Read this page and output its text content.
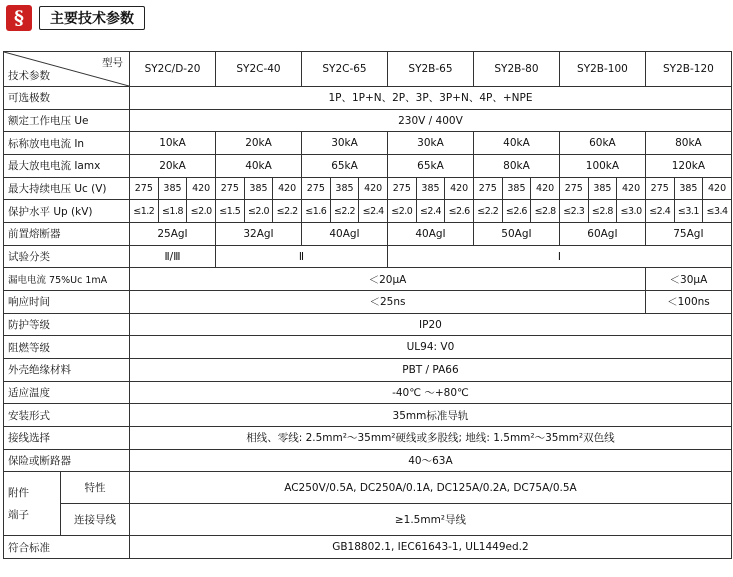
§	主要技术参数
型号
技术参数		SY2C/D-20			SY2C-40			SY2C-65			SY2B-65			SY2B-80			SY2B-100			SY2B-120		
可选极数		1P、1P+N、2P、3P、3P+N、4P、+NPE																				
额定工作电压 Ue		230V / 400V																				
标称放电电流 In		10kA			20kA			30kA			30kA			40kA			60kA			80kA		
最大放电电流 Iamx		20kA			40kA			65kA			65kA			80kA			100kA			120kA		
最大持续电压 Uc (V)		275	385	420	275	385	420	275	385	420	275	385	420	275	385	420	275	385	420	275	385	420
保护水平 Up (kV)		≤1.2	≤1.8	≤2.0	≤1.5	≤2.0	≤2.2	≤1.6	≤2.2	≤2.4	≤2.0	≤2.4	≤2.6	≤2.2	≤2.6	≤2.8	≤2.3	≤2.8	≤3.0	≤2.4	≤3.1	≤3.4
前置熔断器		25AgⅠ			32AgⅠ			40AgⅠ			40AgⅠ			50AgⅠ			60AgⅠ			75AgⅠ		
试验分类		Ⅱ/Ⅲ			Ⅱ						Ⅰ											
漏电电流 75%Uc 1mA		＜20μA																		＜30μA		
响应时间		＜25ns																		＜100ns		
防护等级		ⅠP20																				
阻燃等级		UL94: V0																				
外壳绝缘材料		PBT / PA66																				
适应温度		-40℃ ～+80℃																				
安装形式		35mm标准导轨																				
接线选择		相线、零线: 2.5mm²～35mm²硬线或多股线; 地线: 1.5mm²～35mm²双色线																				
保险或断路器		40～63A																				
附件
端子	特性	AC250V/0.5A, DC250A/0.1A, DC125A/0.2A, DC75A/0.5A																				
	连接导线	≥1.5mm²导线																				
符合标准		GB18802.1, ⅠEC61643-1, UL1449ed.2																				
